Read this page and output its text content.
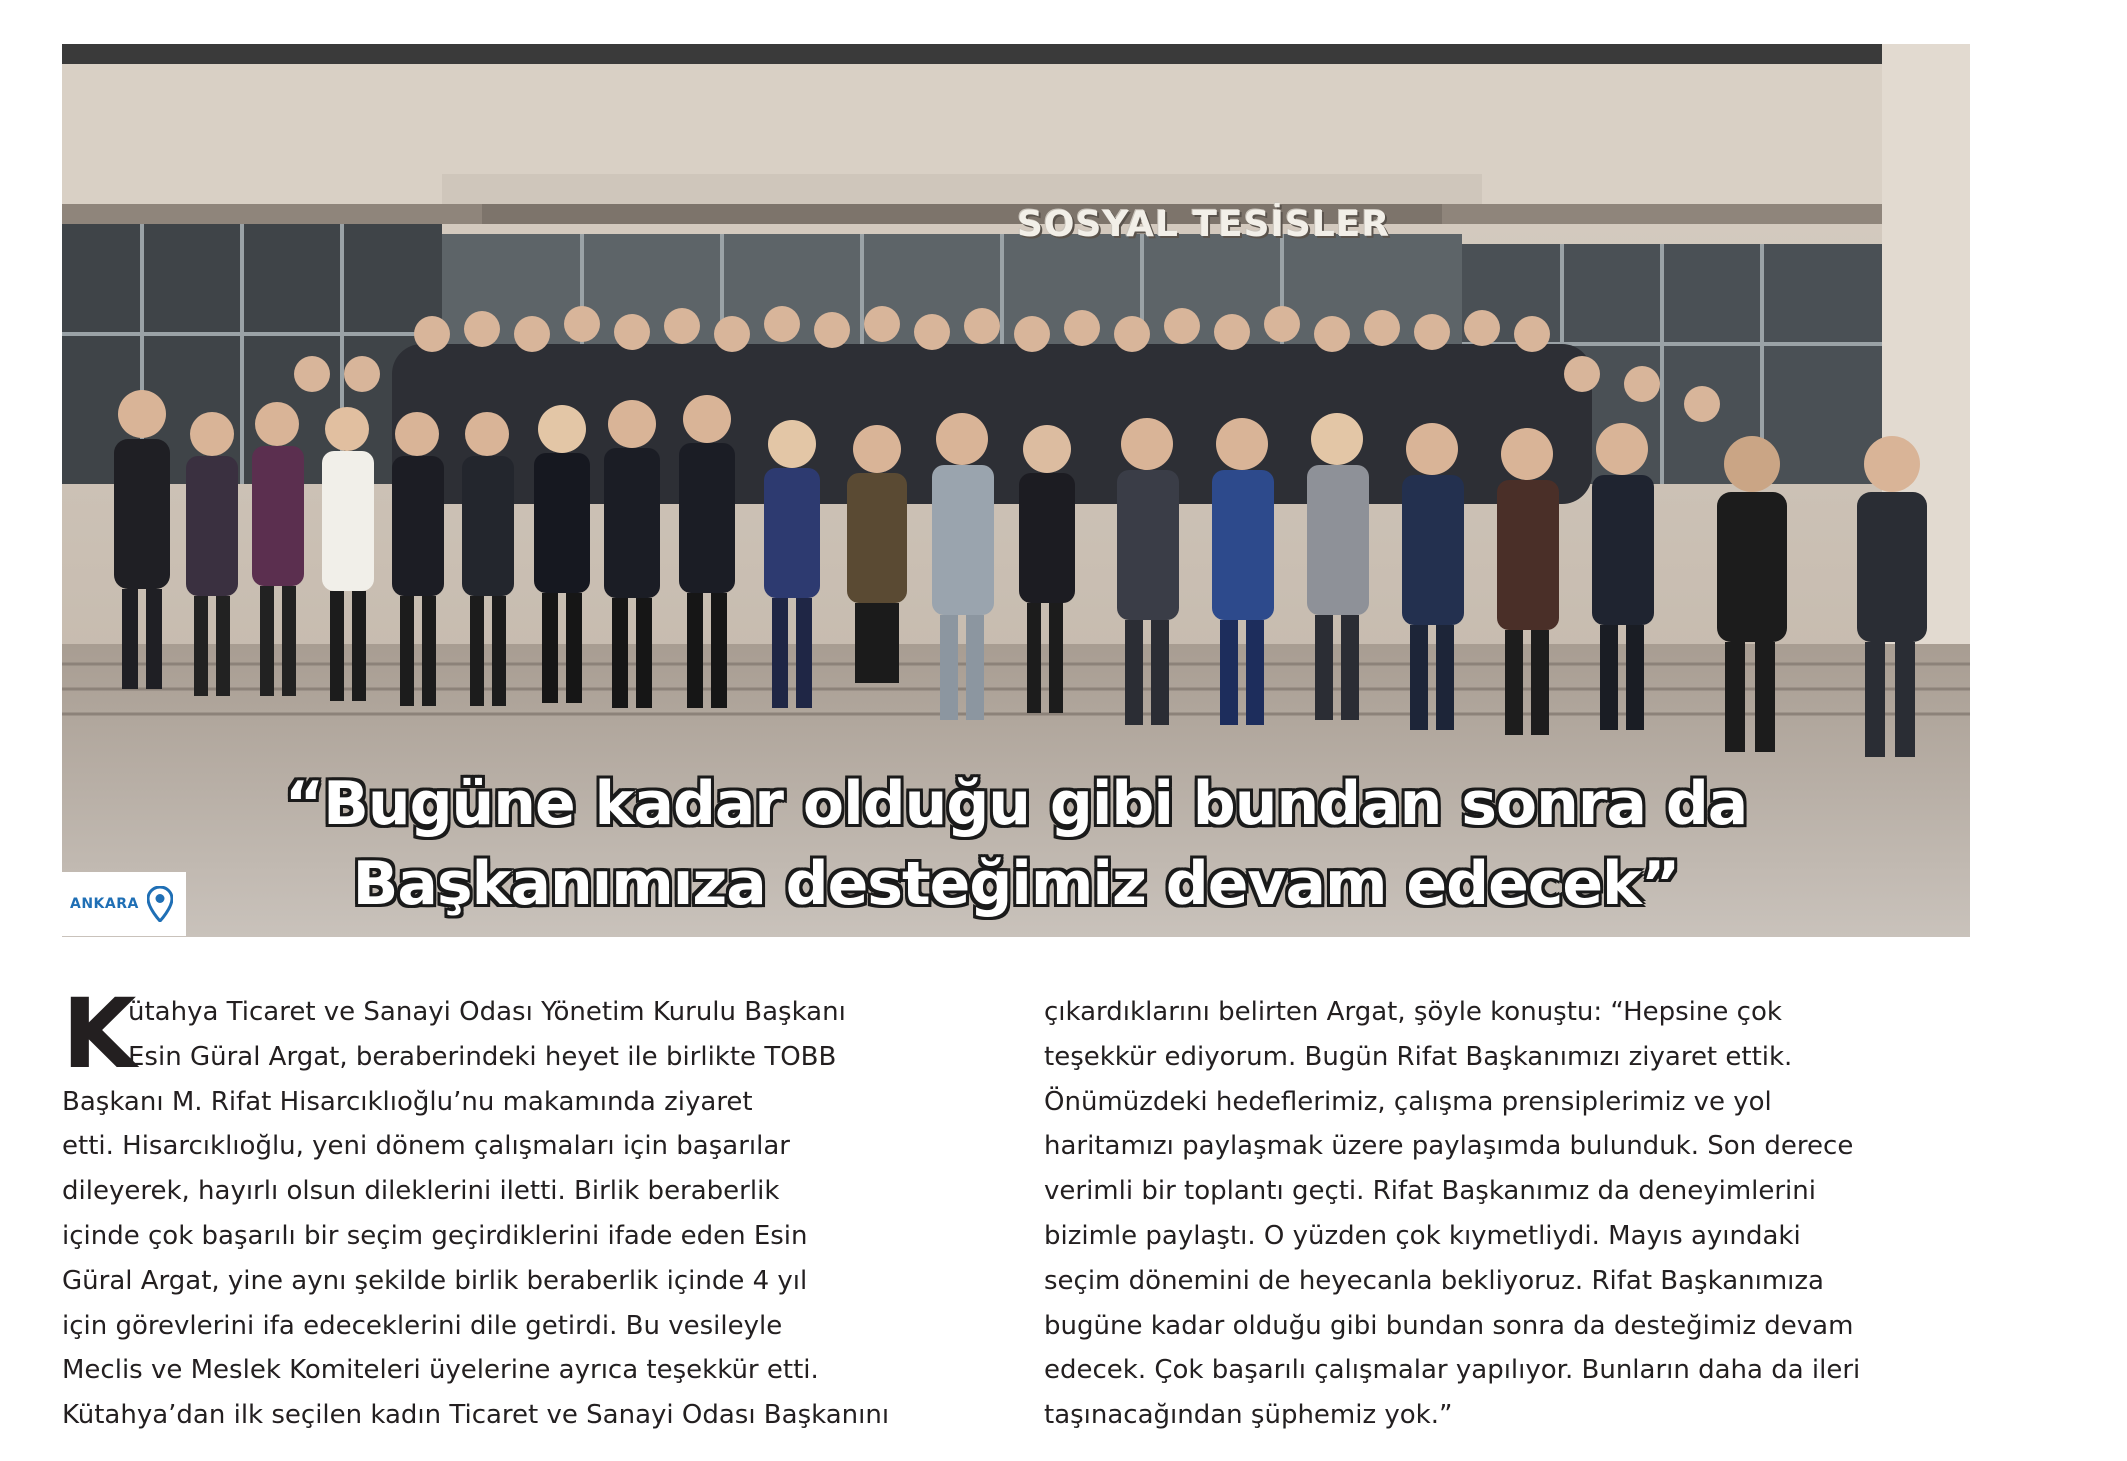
SOSYAL TESİSLER
“Bugüne kadar olduğu gibi bundan sonra da
Başkanımıza desteğimiz devam edecek”
ANKARA
K
ütahya Ticaret ve Sanayi Odası Yönetim Kurulu Başkanı
Esin Güral Argat, beraberindeki heyet ile birlikte TOBB
Başkanı M. Rifat Hisarcıklıoğlu’nu makamında ziyaret
etti. Hisarcıklıoğlu, yeni dönem çalışmaları için başarılar
dileyerek, hayırlı olsun dileklerini iletti. Birlik beraberlik
içinde çok başarılı bir seçim geçirdiklerini ifade eden Esin
Güral Argat, yine aynı şekilde birlik beraberlik içinde 4 yıl
için görevlerini ifa edeceklerini dile getirdi. Bu vesileyle
Meclis ve Meslek Komiteleri üyelerine ayrıca teşekkür etti.
Kütahya’dan ilk seçilen kadın Ticaret ve Sanayi Odası Başkanını
çıkardıklarını belirten Argat, şöyle konuştu: “Hepsine çok
teşekkür ediyorum. Bugün Rifat Başkanımızı ziyaret ettik.
Önümüzdeki hedeflerimiz, çalışma prensiplerimiz ve yol
haritamızı paylaşmak üzere paylaşımda bulunduk. Son derece
verimli bir toplantı geçti. Rifat Başkanımız da deneyimlerini
bizimle paylaştı. O yüzden çok kıymetliydi. Mayıs ayındaki
seçim dönemini de heyecanla bekliyoruz. Rifat Başkanımıza
bugüne kadar olduğu gibi bundan sonra da desteğimiz devam
edecek. Çok başarılı çalışmalar yapılıyor. Bunların daha da ileri
taşınacağından şüphemiz yok.”
